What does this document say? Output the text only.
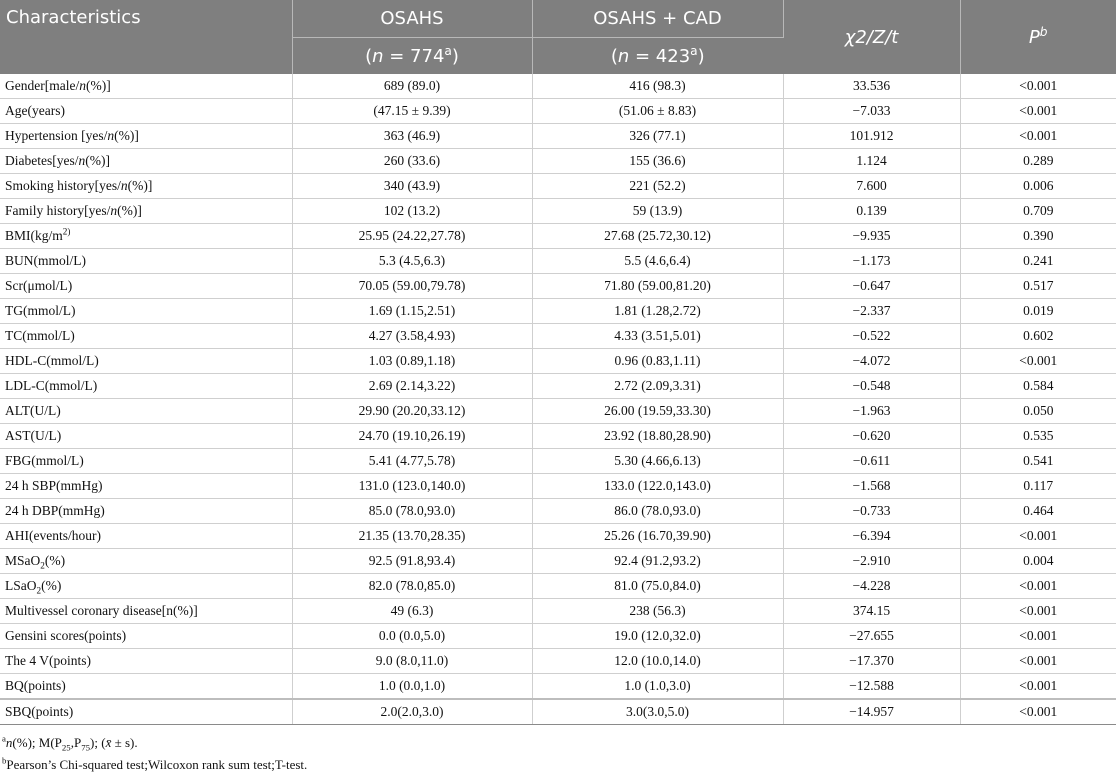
Characteristics	OSAHS	OSAHS + CAD	χ2/Z/t	$P^b$
	$(n = 774^a)$	$(n = 423^a)$		
Gender[male/n(%)]	689 (89.0)	416 (98.3)	33.536	<0.001
Age(years)	(47.15 ± 9.39)	(51.06 ± 8.83)	−7.033	<0.001
Hypertension [yes/n(%)]	363 (46.9)	326 (77.1)	101.912	<0.001
Diabetes[yes/n(%)]	260 (33.6)	155 (36.6)	1.124	0.289
Smoking history[yes/n(%)]	340 (43.9)	221 (52.2)	7.600	0.006
Family history[yes/n(%)]	102 (13.2)	59 (13.9)	0.139	0.709
$BMI(kg/m^{2)}$	25.95 (24.22,27.78)	27.68 (25.72,30.12)	−9.935	0.390
BUN(mmol/L)	5.3 (4.5,6.3)	5.5 (4.6,6.4)	−1.173	0.241
Scr(μmol/L)	70.05 (59.00,79.78)	71.80 (59.00,81.20)	−0.647	0.517
TG(mmol/L)	1.69 (1.15,2.51)	1.81 (1.28,2.72)	−2.337	0.019
TC(mmol/L)	4.27 (3.58,4.93)	4.33 (3.51,5.01)	−0.522	0.602
HDL-C(mmol/L)	1.03 (0.89,1.18)	0.96 (0.83,1.11)	−4.072	<0.001
LDL-C(mmol/L)	2.69 (2.14,3.22)	2.72 (2.09,3.31)	−0.548	0.584
ALT(U/L)	29.90 (20.20,33.12)	26.00 (19.59,33.30)	−1.963	0.050
AST(U/L)	24.70 (19.10,26.19)	23.92 (18.80,28.90)	−0.620	0.535
FBG(mmol/L)	5.41 (4.77,5.78)	5.30 (4.66,6.13)	−0.611	0.541
24 h SBP(mmHg)	131.0 (123.0,140.0)	133.0 (122.0,143.0)	−1.568	0.117
24 h DBP(mmHg)	85.0 (78.0,93.0)	86.0 (78.0,93.0)	−0.733	0.464
AHI(events/hour)	21.35 (13.70,28.35)	25.26 (16.70,39.90)	−6.394	<0.001
MSaO$_2$(%)	92.5 (91.8,93.4)	92.4 (91.2,93.2)	−2.910	0.004
LSaO$_2$(%)	82.0 (78.0,85.0)	81.0 (75.0,84.0)	−4.228	<0.001
Multivessel coronary disease[n(%)]	49 (6.3)	238 (56.3)	374.15	<0.001
Gensini scores(points)	0.0 (0.0,5.0)	19.0 (12.0,32.0)	−27.655	<0.001
The 4 V(points)	9.0 (8.0,11.0)	12.0 (10.0,14.0)	−17.370	<0.001
BQ(points)	1.0 (0.0,1.0)	1.0 (1.0,3.0)	−12.588	<0.001
SBQ(points)	2.0(2.0,3.0)	3.0(3.0,5.0)	−14.957	<0.001
$^a$n(%); $M(P_{25},P_{75})$; (x̄ ± s).
$^b$Pearson’s Chi-squared test;Wilcoxon rank sum test;T-test.
